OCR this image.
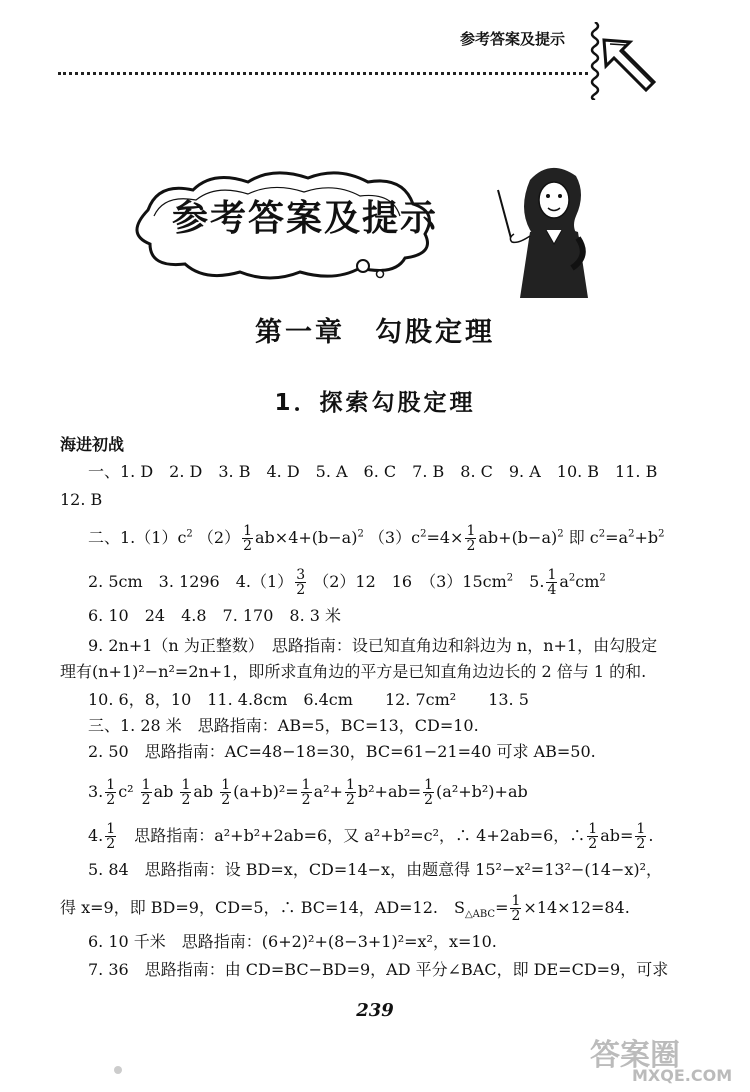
参考答案及提示
参考答案及提示
第一章　勾股定理
1．探索勾股定理
海进初战
一、1. D　2. D　3. B　4. D　5. A　6. C　7. B　8. C　9. A　10. B　11. B
12. B
二、$1.(1)c^2$ $(2) \frac{1}{2} ab\times 4+(b-a)^2$ $(3)c^2=4\times \frac{1}{2} ab+(b-a)^2$ 即 $c^2=a^2+b^2$
2. 5cm　3. 1296　$4.(1) \frac{3}{2} (2)12$　16　$(3)15cm^2$　 5. $\frac{1}{4} a^2cm^2$
6. 10　24　4.8　7. 170　8. 3 米
9. 2n+1（n 为正整数）　思路指南：设已知直角边和斜边为 n，n+1，由勾股定
理有(n+1)²−n²=2n+1，即所求直角边的平方是已知直角边边长的 2 倍与 1 的和.
10. 6，8，10　11. 4.8cm　6.4cm　　12. 7cm²　　13. 5
三、1. 28 米　思路指南：AB=5，BC=13，CD=10.
2. 50　思路指南：AC=48−18=30，BC=61−21=40 可求 AB=50.
3. $\frac{1}{2} c^2 \frac{1}{2}$ ab $\frac{1}{2}$ ab $\frac{1}{2} (a+b)^2= \frac{1}{2} a^2+ \frac{1}{2} b^2+ab= \frac{1}{2} (a^2+b^2)+ab$
4. $\frac{1}{2}$
　 思路指南：a²+b²+2ab=6，又 a²+b²=c²，∴ 4+2ab=6，∴ $\frac{1}{2} ab= \frac{1}{2}$ .
5. 84　思路指南：设 BD=x，CD=14−x，由题意得 15²−x²=13²−(14−x)²，
得 x=9，即 BD=9，CD=5，∴ BC=14，AD=12.　$S_{\triangle ABC}= \frac{1}{2} \times 14\times 12=84$.
6. 10 千米　思路指南：(6+2)²+(8−3+1)²=x²，x=10.
7. 36　思路指南：由 CD=BC−BD=9，AD 平分∠BAC，即 DE=CD=9，可求
239
答案圈
MXQE.COM
